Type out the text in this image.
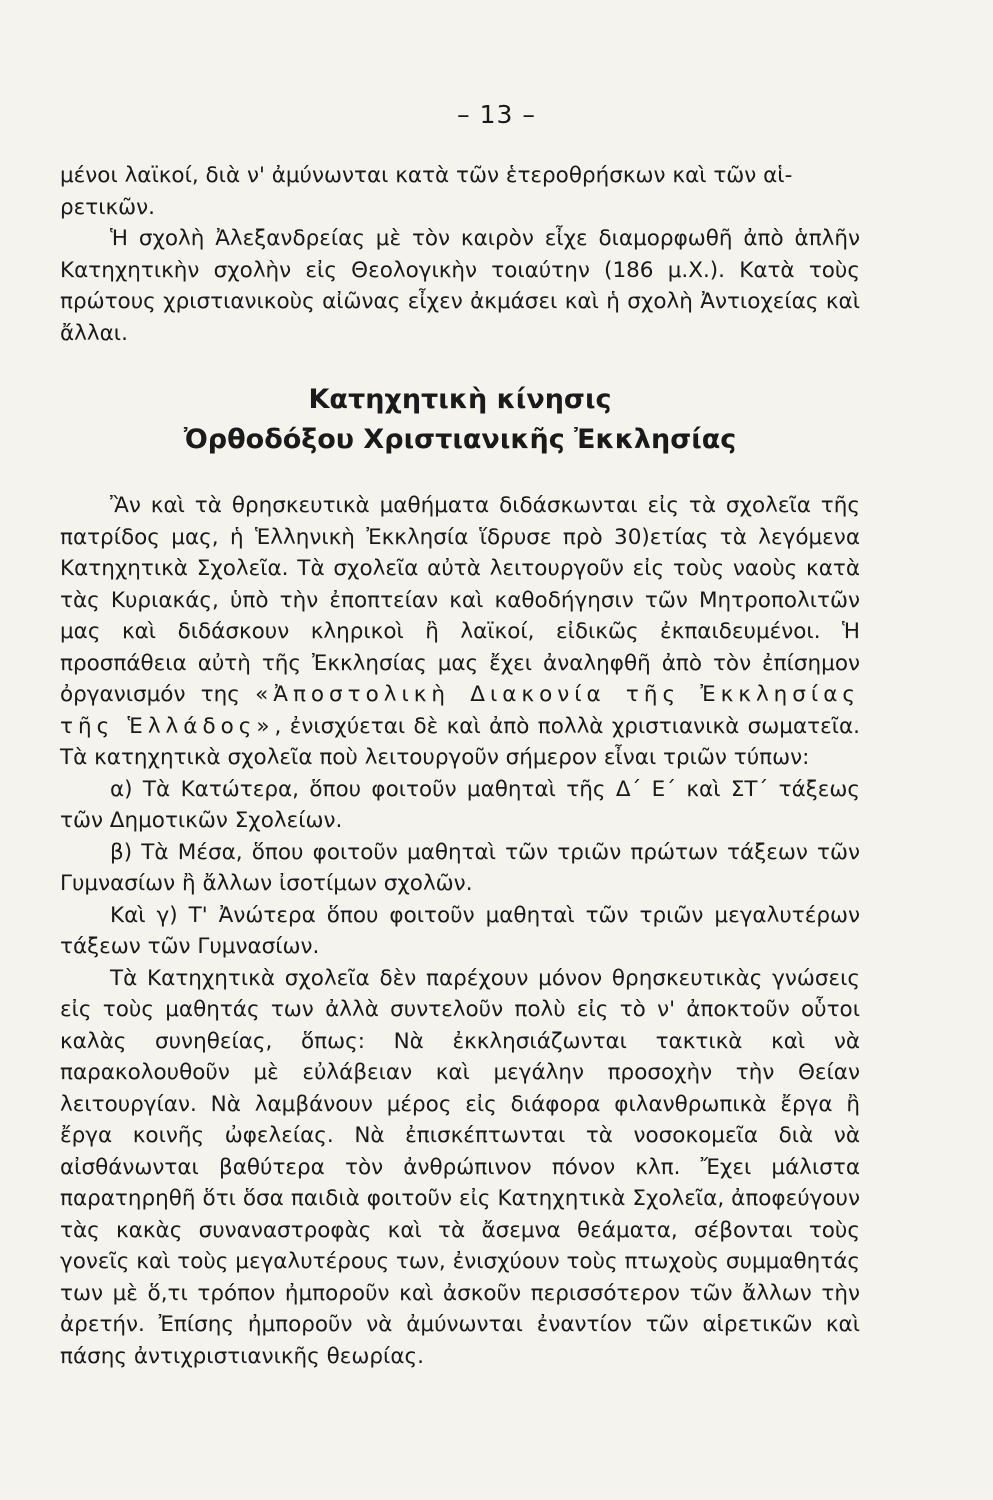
– 13 –

μένοι λαϊκοί, διὰ ν' ἀμύνωνται κατὰ τῶν ἑτεροθρήσκων καὶ τῶν αἱ-

ρετικῶν.

Ἡ σχολὴ Ἀλεξανδρείας μὲ τὸν καιρὸν εἶχε διαμορφωθῆ ἀπὸ ἁπλῆν Κατηχητικὴν σχολὴν εἰς Θεολογικὴν τοιαύτην (186 μ.Χ.). Κατὰ τοὺς πρώτους χριστιανικοὺς αἰῶνας εἶχεν ἀκμάσει καὶ ἡ σχολὴ Ἀντιοχείας καὶ ἄλλαι.

Κατηχητικὴ κίνησις
Ὀρθοδόξου Χριστιανικῆς Ἐκκλησίας

Ἂν καὶ τὰ θρησκευτικὰ μαθήματα διδάσκωνται εἰς τὰ σχολεῖα τῆς πατρίδος μας, ἡ Ἑλληνικὴ Ἐκκλησία ἵδρυσε πρὸ 30)ετίας τὰ λεγόμενα Κατηχητικὰ Σχολεῖα. Τὰ σχολεῖα αὐτὰ λειτουργοῦν εἰς τοὺς ναοὺς κατὰ τὰς Κυριακάς, ὑπὸ τὴν ἐποπτείαν καὶ καθοδήγησιν τῶν Μητροπολιτῶν μας καὶ διδάσκουν κληρικοὶ ἢ λαϊκοί, εἰδικῶς ἐκπαιδευμένοι. Ἡ προσπάθεια αὐτὴ τῆς Ἐκκλησίας μας ἔχει ἀναληφθῆ ἀπὸ τὸν ἐπίσημον ὀργανισμόν της «Ἀποστολικὴ Διακονία τῆς Ἐκκλησίας τῆς Ἑλλάδος», ἐνισχύεται δὲ καὶ ἀπὸ πολλὰ χριστιανικὰ σωματεῖα. Τὰ κατηχητικὰ σχολεῖα ποὺ λειτουργοῦν σήμερον εἶναι τριῶν τύπων:

α) Τὰ Κατώτερα, ὅπου φοιτοῦν μαθηταὶ τῆς Δ΄ Ε΄ καὶ ΣΤ΄ τάξεως τῶν Δημοτικῶν Σχολείων.

β) Τὰ Μέσα, ὅπου φοιτοῦν μαθηταὶ τῶν τριῶν πρώτων τάξεων τῶν Γυμνασίων ἢ ἄλλων ἰσοτίμων σχολῶν.

Καὶ γ) Τ' Ἀνώτερα ὅπου φοιτοῦν μαθηταὶ τῶν τριῶν μεγαλυτέρων τάξεων τῶν Γυμνασίων.

Τὰ Κατηχητικὰ σχολεῖα δὲν παρέχουν μόνον θρησκευτικὰς γνώσεις εἰς τοὺς μαθητάς των ἀλλὰ συντελοῦν πολὺ εἰς τὸ ν' ἀποκτοῦν οὗτοι καλὰς συνηθείας, ὅπως: Νὰ ἐκκλησιάζωνται τακτικὰ καὶ νὰ παρακολουθοῦν μὲ εὐλάβειαν καὶ μεγάλην προσοχὴν τὴν Θείαν λειτουργίαν. Νὰ λαμβάνουν μέρος εἰς διάφορα φιλανθρωπικὰ ἔργα ἢ ἔργα κοινῆς ὠφελείας. Νὰ ἐπισκέπτωνται τὰ νοσοκομεῖα διὰ νὰ αἰσθάνωνται βαθύτερα τὸν ἀνθρώπινον πόνον κλπ. Ἔχει μάλιστα παρατηρηθῆ ὅτι ὅσα παιδιὰ φοιτοῦν εἰς Κατηχητικὰ Σχολεῖα, ἀποφεύγουν τὰς κακὰς συναναστροφὰς καὶ τὰ ἄσεμνα θεάματα, σέβονται τοὺς γονεῖς καὶ τοὺς μεγαλυτέρους των, ἐνισχύουν τοὺς πτωχοὺς συμμαθητάς των μὲ ὅ,τι τρόπον ἠμποροῦν καὶ ἀσκοῦν περισσότερον τῶν ἄλλων τὴν ἀρετήν. Ἐπίσης ἠμποροῦν νὰ ἀμύνωνται ἐναντίον τῶν αἱρετικῶν καὶ πάσης ἀντιχριστιανικῆς θεωρίας.
